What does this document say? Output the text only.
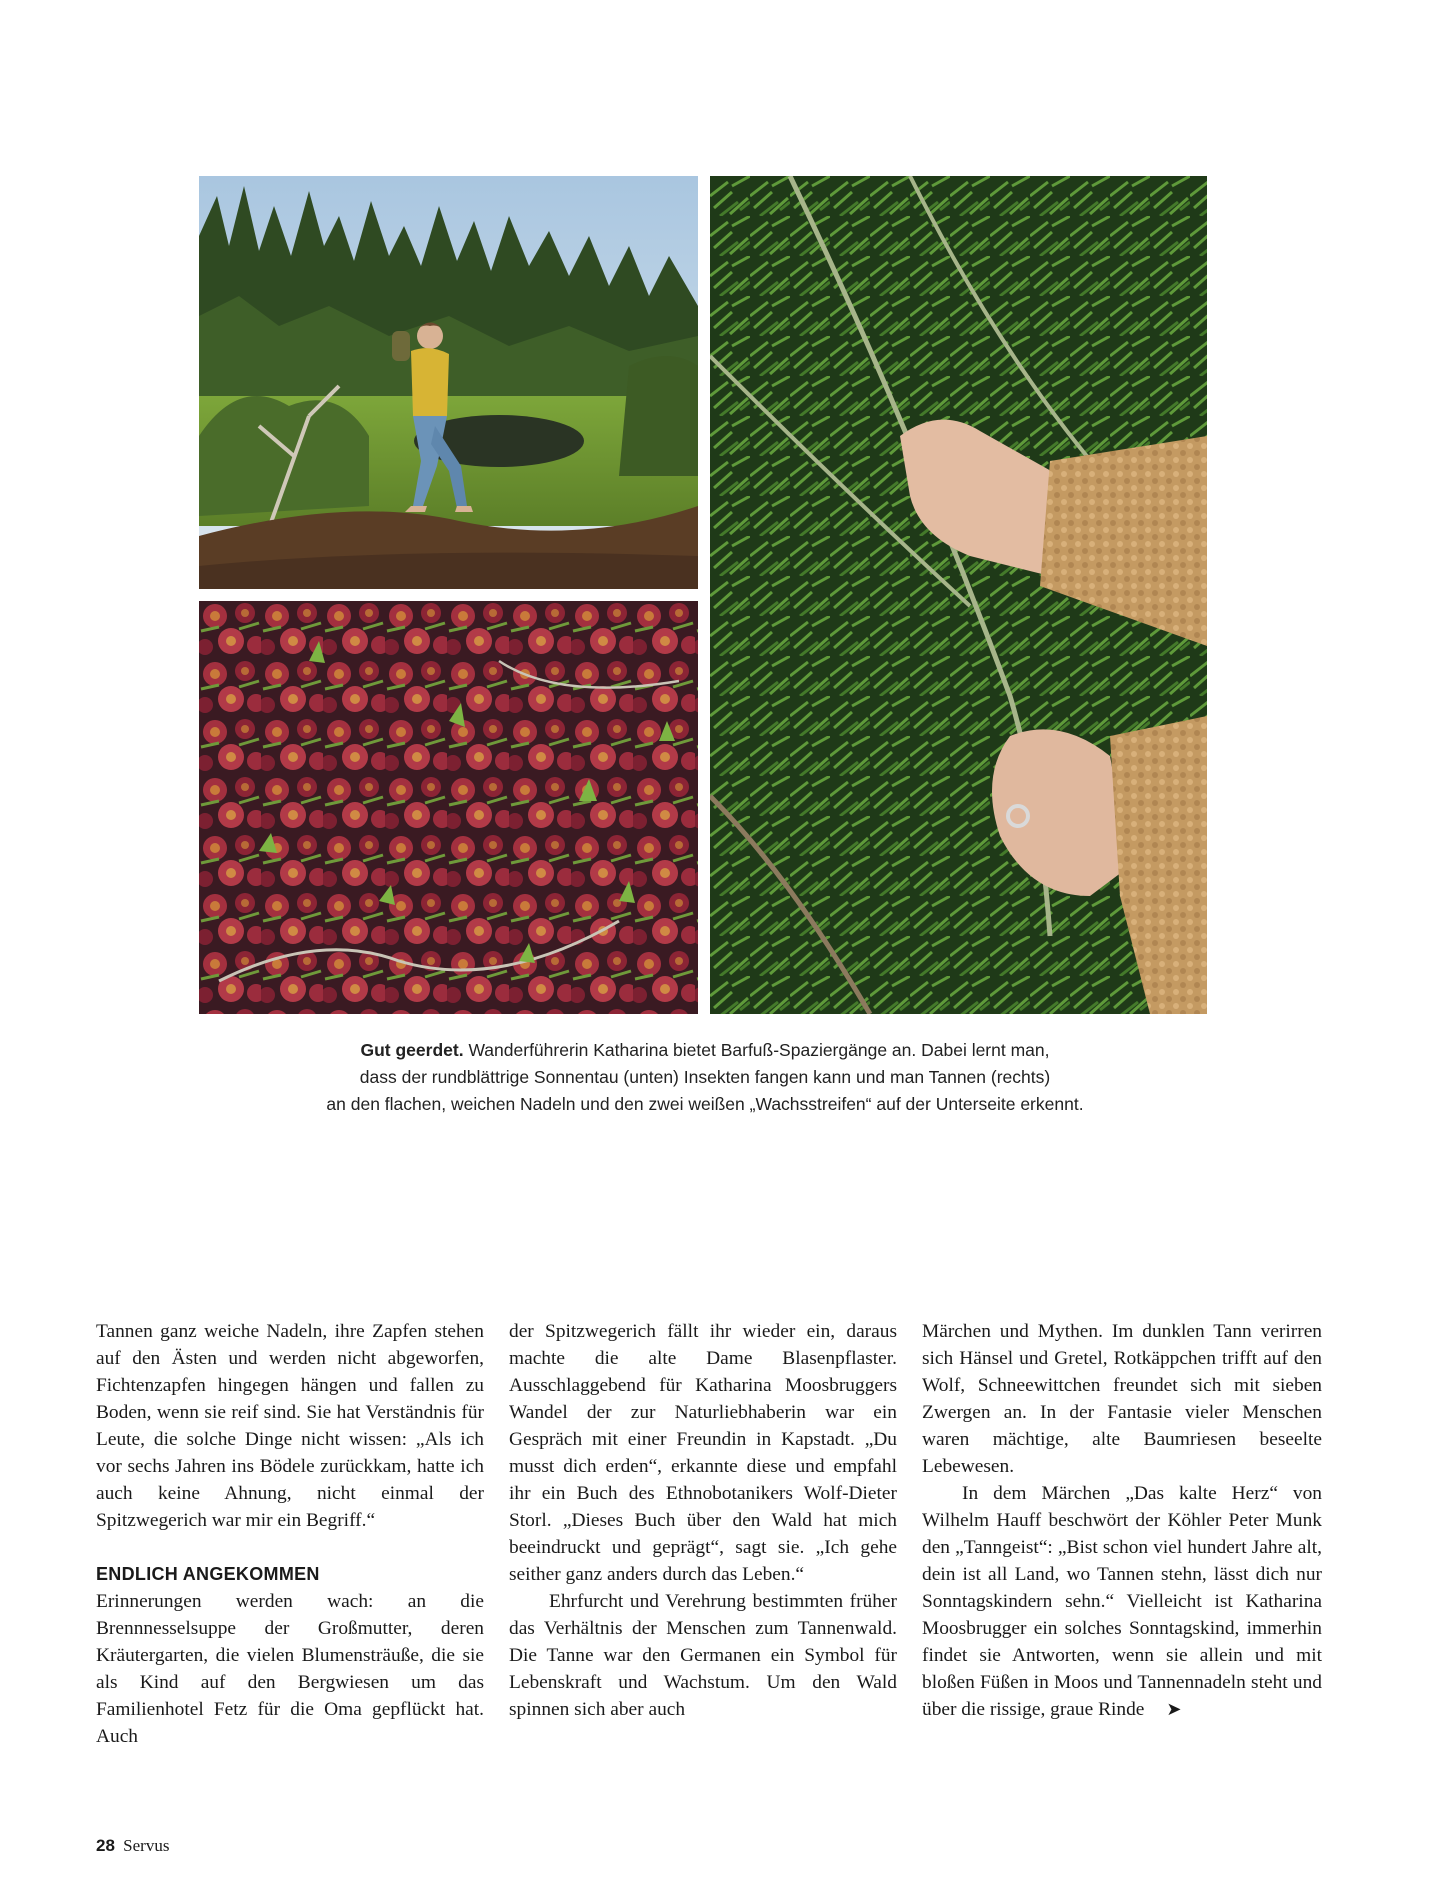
Gut geerdet. Wanderführerin Katharina bietet Barfuß-Spaziergänge an. Dabei lernt man,
dass der rundblättrige Sonnentau (unten) Insekten fangen kann und man Tannen (rechts)
an den flachen, weichen Nadeln und den zwei weißen „Wachsstreifen“ auf der Unterseite erkennt.

Tannen ganz weiche Nadeln, ihre Zapfen stehen auf den Ästen und werden nicht abgeworfen, Fichtenzapfen hingegen hängen und fallen zu Boden, wenn sie reif sind. Sie hat Verständnis für Leute, die solche Dinge nicht wissen: „Als ich vor sechs Jahren ins Bödele zurückkam, hatte ich auch keine Ahnung, nicht einmal der Spitzwegerich war mir ein Begriff.“

ENDLICH ANGEKOMMEN

Erinnerungen werden wach: an die Brennnesselsuppe der Großmutter, deren Kräutergarten, die vielen Blumensträuße, die sie als Kind auf den Bergwiesen um das Familienhotel Fetz für die Oma gepflückt hat. Auch

der Spitzwegerich fällt ihr wieder ein, daraus machte die alte Dame Blasenpflaster. Ausschlaggebend für Katharina Moosbruggers Wandel der zur Naturliebhaberin war ein Gespräch mit einer Freundin in Kapstadt. „Du musst dich erden“, erkannte diese und empfahl ihr ein Buch des Ethnobotanikers Wolf-Dieter Storl. „Dieses Buch über den Wald hat mich beeindruckt und geprägt“, sagt sie. „Ich gehe seither ganz anders durch das Leben.“

Ehrfurcht und Verehrung bestimmten früher das Verhältnis der Menschen zum Tannenwald. Die Tanne war den Germanen ein Symbol für Lebenskraft und Wachstum. Um den Wald spinnen sich aber auch

Märchen und Mythen. Im dunklen Tann verirren sich Hänsel und Gretel, Rotkäppchen trifft auf den Wolf, Schneewittchen freundet sich mit sieben Zwergen an. In der Fantasie vieler Menschen waren mächtige, alte Baumriesen beseelte Lebewesen.

In dem Märchen „Das kalte Herz“ von Wilhelm Hauff beschwört der Köhler Peter Munk den „Tanngeist“: „Bist schon viel hundert Jahre alt, dein ist all Land, wo Tannen stehn, lässt dich nur Sonntagskindern sehn.“ Vielleicht ist Katharina Moosbrugger ein solches Sonntagskind, immerhin findet sie Antworten, wenn sie allein und mit bloßen Füßen in Moos und Tannennadeln steht und über die rissige, graue Rinde ➤

28 Servus
